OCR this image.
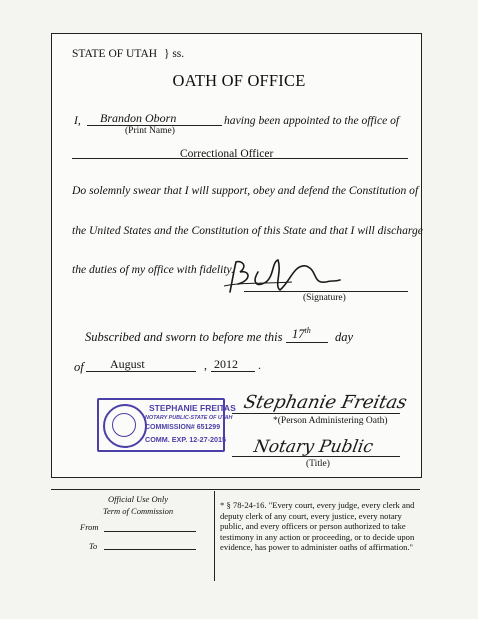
STATE OF UTAH } ss.
OATH OF OFFICE
I, Brandon Oborn	having been appointed to the office of
(Print Name)
Correctional Officer
Do solemnly swear that I will support, obey and defend the Constitution of
the United States and the Constitution of this State and that I will discharge
the duties of my office with fidelity.
(Signature)
Subscribed and sworn to before me this 17th day
of August	, 2012 .
STEPHANIE FREITAS
NOTARY PUBLIC-STATE OF UTAH
COMMISSION# 651299
COMM. EXP. 12-27-2015
Stephanie Freitas
*(Person Administering Oath)
Notary Public
(Title)
Official Use Only
Term of Commission
From
To
* § 78-24-16. "Every court, every judge, every clerk and deputy clerk of any court, every justice, every notary public, and every officers or person authorized to take testimony in any action or proceeding, or to decide upon evidence, has power to administer oaths of affirmation."
